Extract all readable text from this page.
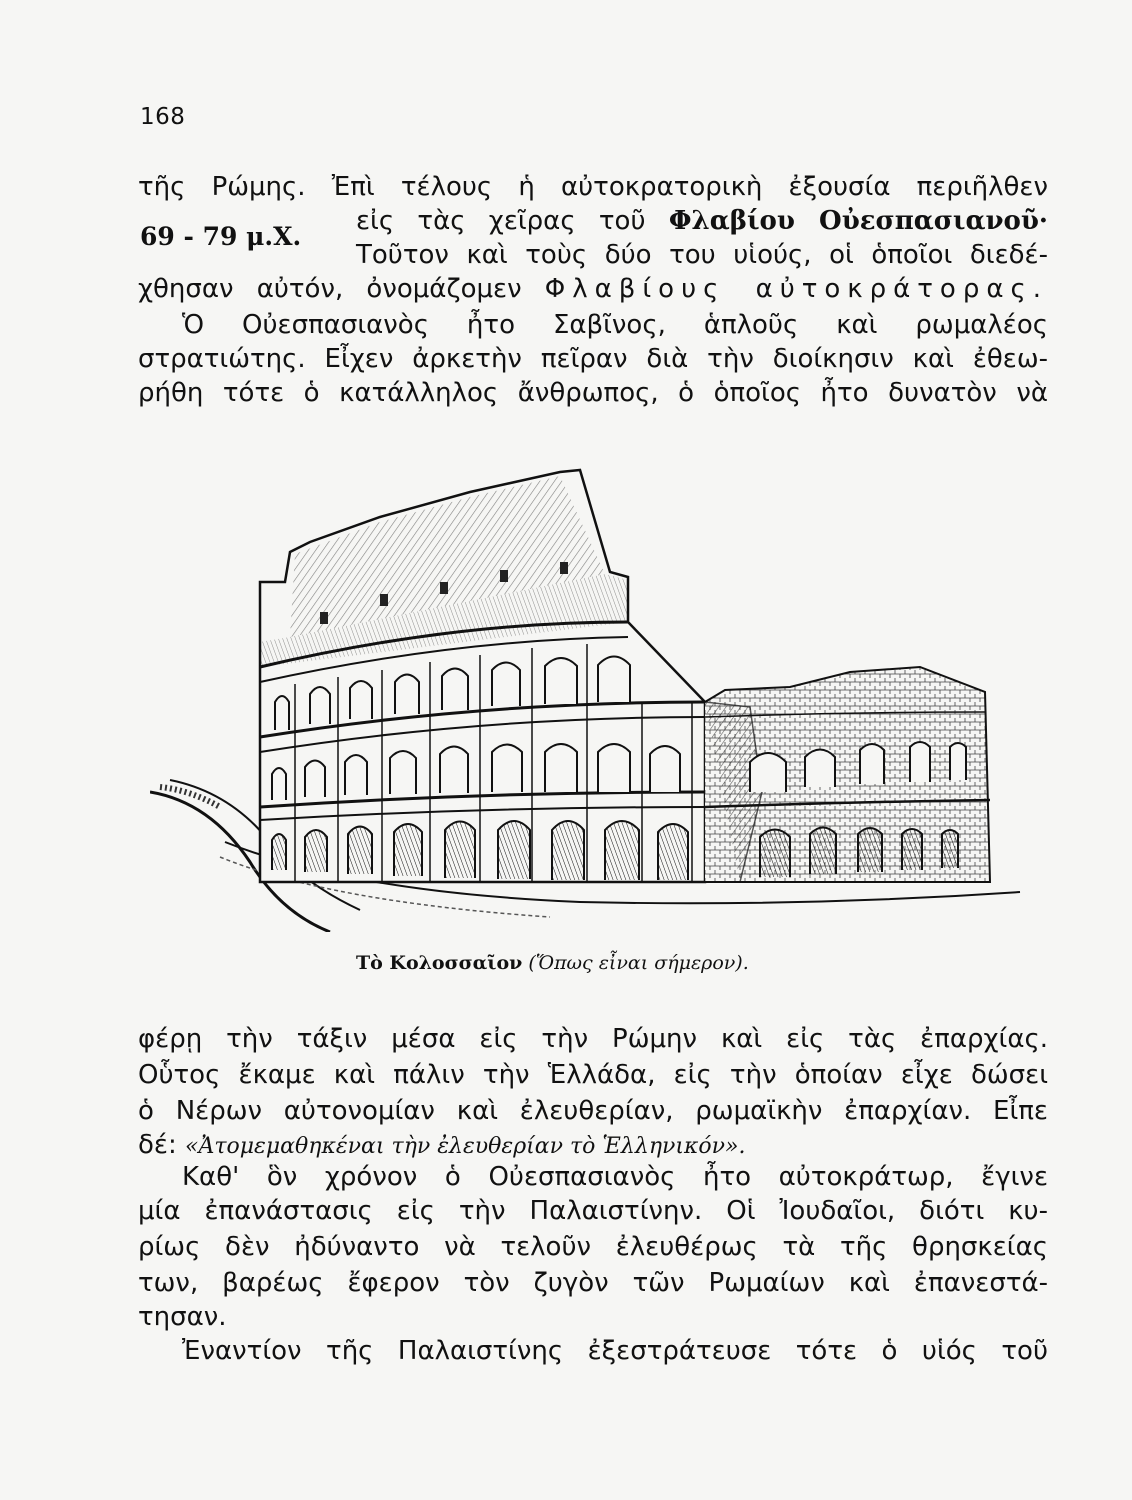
168
τῆς Ρώμης. Ἐπὶ τέλους ἡ αὐτοκρατορικὴ ἐξουσία περιῆλθεν
εἰς τὰς χεῖρας τοῦ Φλαβίου Οὐεσπασιανοῦ·
69 - 79 μ.Χ.
Τοῦτον καὶ τοὺς δύο του υἱούς, οἱ ὁποῖοι διεδέ-
χθησαν αὐτόν, ὀνομάζομεν Φλαβίους αὐτοκράτορας.
Ὁ Οὐεσπασιανὸς ἦτο Σαβῖνος, ἁπλοῦς καὶ ρωμαλέος
στρατιώτης. Εἶχεν ἀρκετὴν πεῖραν διὰ τὴν διοίκησιν καὶ ἐθεω-
ρήθη τότε ὁ κατάλληλος ἄνθρωπος, ὁ ὁποῖος ἦτο δυνατὸν νὰ
Τὸ Κολοσσαῖον (Ὅπως εἶναι σήμερον).
φέρῃ τὴν τάξιν μέσα εἰς τὴν Ρώμην καὶ εἰς τὰς ἐπαρχίας.
Οὗτος ἔκαμε καὶ πάλιν τὴν Ἑλλάδα, εἰς τὴν ὁποίαν εἶχε δώσει
ὁ Νέρων αὐτονομίαν καὶ ἐλευθερίαν, ρωμαϊκὴν ἐπαρχίαν. Εἶπε
δέ: «Ἀτομεμαθηκέναι τὴν ἐλευθερίαν τὸ Ἑλληνικόν».
Καθ' ὃν χρόνον ὁ Οὐεσπασιανὸς ἦτο αὐτοκράτωρ, ἔγινε
μία ἐπανάστασις εἰς τὴν Παλαιστίνην. Οἱ Ἰουδαῖοι, διότι κυ-
ρίως δὲν ἠδύναντο νὰ τελοῦν ἐλευθέρως τὰ τῆς θρησκείας
των, βαρέως ἔφερον τὸν ζυγὸν τῶν Ρωμαίων καὶ ἐπανεστά-
τησαν.
Ἐναντίον τῆς Παλαιστίνης ἐξεστράτευσε τότε ὁ υἱός τοῦ
